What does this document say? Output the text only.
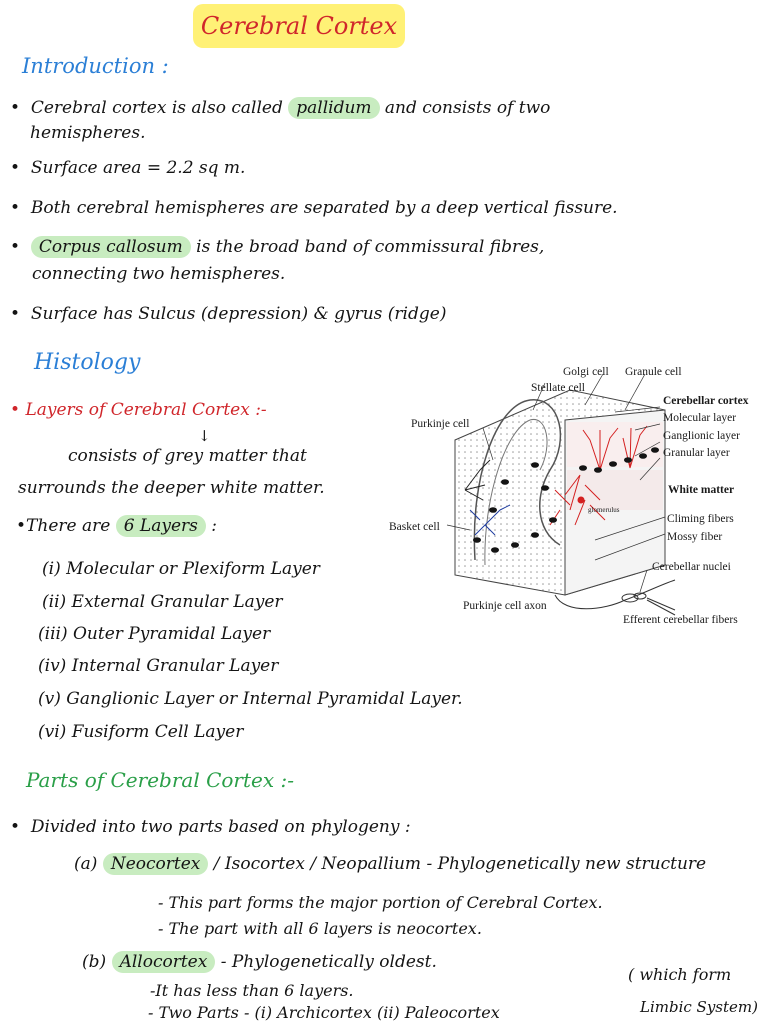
Cerebral Cortex
Introduction :
•  Cerebral cortex is also called pallidum and consists of two
hemispheres.
•  Surface area = 2.2 sq m.
•  Both cerebral hemispheres are separated by a deep vertical fissure.
•  Corpus callosum is the broad band of commissural fibres,
connecting two hemispheres.
•  Surface has Sulcus (depression) & gyrus (ridge)
Histology
• Layers of Cerebral Cortex :-
↓
consists of grey matter that
surrounds the deeper white matter.
•There are 6 Layers :
(i) Molecular or Plexiform Layer
(ii) External Granular Layer
(iii) Outer Pyramidal Layer
(iv) Internal Granular Layer
(v) Ganglionic Layer or Internal Pyramidal Layer.
(vi) Fusiform Cell Layer
Golgi cell Granule cell
Stellate cell
Purkinje cell
Cerebellar cortex
Molecular layer
Ganglionic layer
Granular layer
White matter
glomerulus
Basket cell
Climing fibers
Mossy fiber
Cerebellar nuclei
Purkinje cell axon
Efferent cerebellar fibers
Parts of Cerebral Cortex :-
•  Divided into two parts based on phylogeny :
(a) Neocortex / Isocortex / Neopallium - Phylogenetically new structure
- This part forms the major portion of Cerebral Cortex.
- The part with all 6 layers is neocortex.
(b) Allocortex - Phylogenetically oldest.
-It has less than 6 layers.
- Two Parts - (i) Archicortex (ii) Paleocortex
( which form
Limbic System)
